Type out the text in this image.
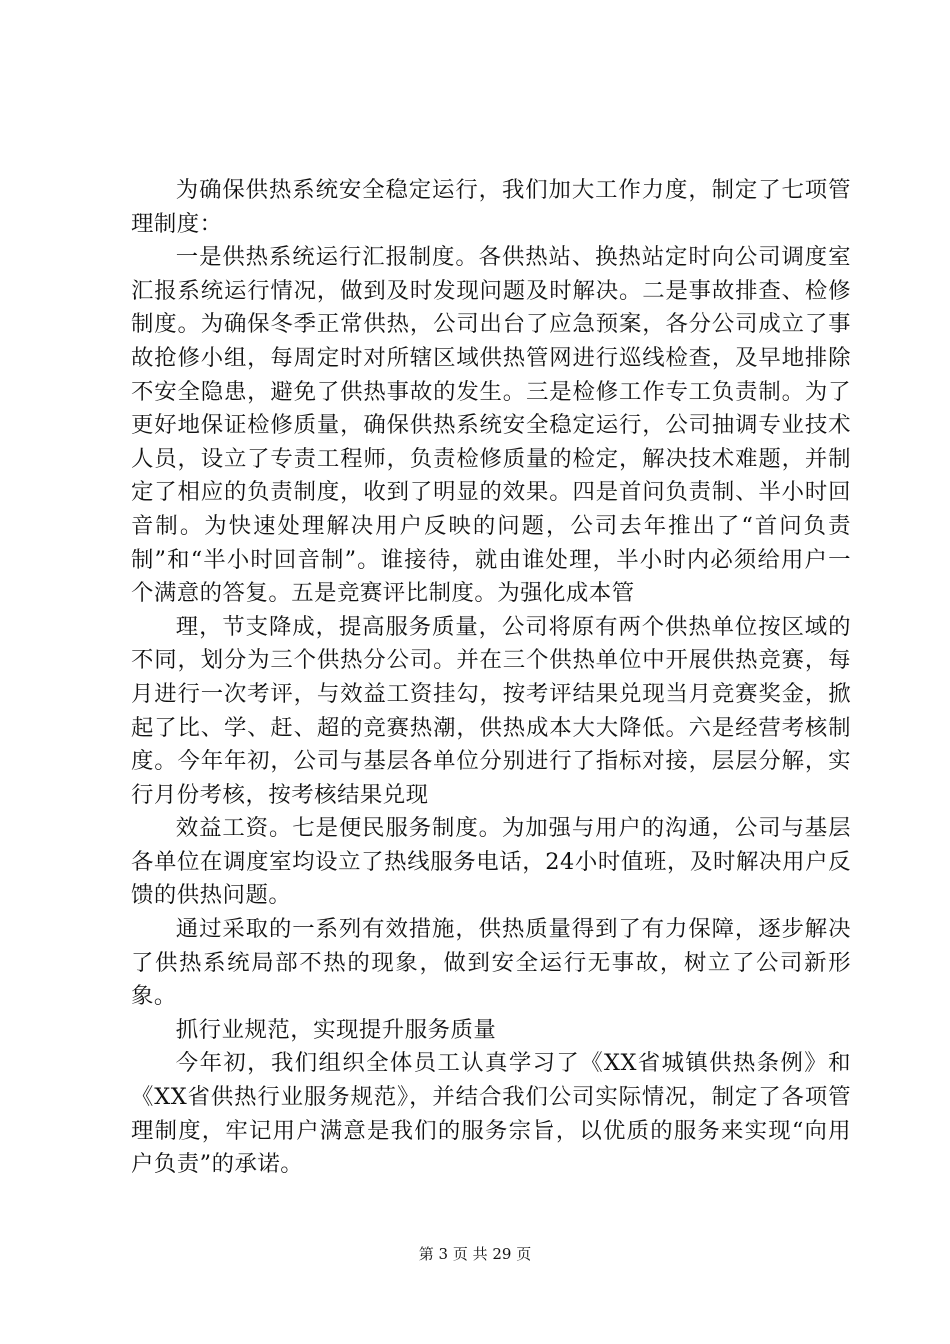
为确保供热系统安全稳定运行，我们加大工作力度，制定了七项管理制度：

一是供热系统运行汇报制度。各供热站、换热站定时向公司调度室汇报系统运行情况，做到及时发现问题及时解决。二是事故排查、检修制度。为确保冬季正常供热，公司出台了应急预案，各分公司成立了事故抢修小组，每周定时对所辖区域供热管网进行巡线检查，及早地排除不安全隐患，避免了供热事故的发生。三是检修工作专工负责制。为了更好地保证检修质量，确保供热系统安全稳定运行，公司抽调专业技术人员，设立了专责工程师，负责检修质量的检定，解决技术难题，并制定了相应的负责制度，收到了明显的效果。四是首问负责制、半小时回音制。为快速处理解决用户反映的问题，公司去年推出了“首问负责制”和“半小时回音制”。谁接待，就由谁处理，半小时内必须给用户一个满意的答复。五是竞赛评比制度。为强化成本管

理，节支降成，提高服务质量，公司将原有两个供热单位按区域的不同，划分为三个供热分公司。并在三个供热单位中开展供热竞赛，每月进行一次考评，与效益工资挂勾，按考评结果兑现当月竞赛奖金，掀起了比、学、赶、超的竞赛热潮，供热成本大大降低。六是经营考核制度。今年年初，公司与基层各单位分别进行了指标对接，层层分解，实行月份考核，按考核结果兑现

效益工资。七是便民服务制度。为加强与用户的沟通，公司与基层各单位在调度室均设立了热线服务电话，24小时值班，及时解决用户反馈的供热问题。

通过采取的一系列有效措施，供热质量得到了有力保障，逐步解决了供热系统局部不热的现象，做到安全运行无事故，树立了公司新形象。

抓行业规范，实现提升服务质量

今年初，我们组织全体员工认真学习了《XX省城镇供热条例》和《XX省供热行业服务规范》，并结合我们公司实际情况，制定了各项管理制度，牢记用户满意是我们的服务宗旨，以优质的服务来实现“向用户负责”的承诺。

第 3 页 共 29 页
